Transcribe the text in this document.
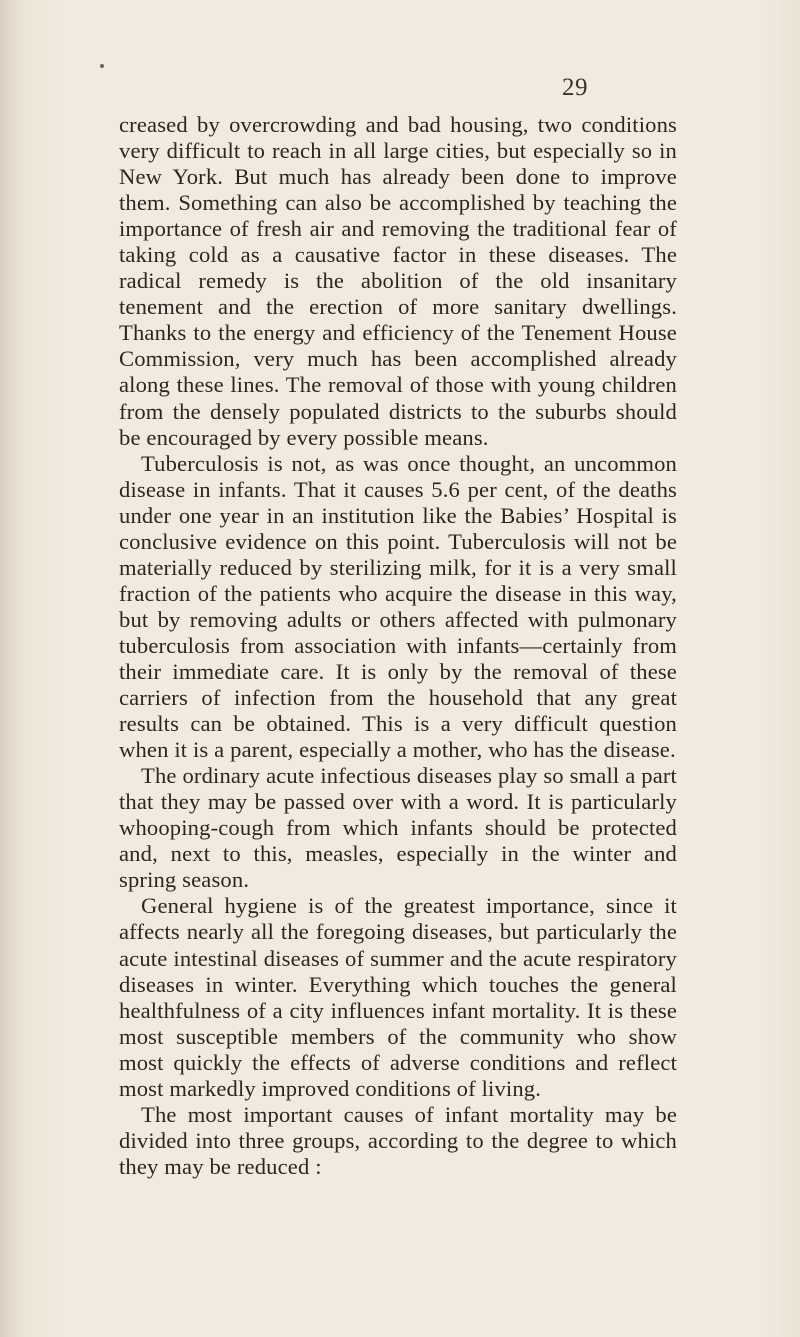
29

creased by overcrowding and bad housing, two conditions very difficult to reach in all large cities, but especially so in New York. But much has already been done to improve them. Something can also be accomplished by teaching the importance of fresh air and removing the traditional fear of taking cold as a causative factor in these diseases. The radical remedy is the abolition of the old insanitary tenement and the erection of more sanitary dwellings. Thanks to the energy and efficiency of the Tenement House Commission, very much has been accomplished already along these lines. The removal of those with young children from the densely populated districts to the suburbs should be encouraged by every possible means.

Tuberculosis is not, as was once thought, an uncommon disease in infants. That it causes 5.6 per cent, of the deaths under one year in an institution like the Babies’ Hospital is conclusive evidence on this point. Tuberculosis will not be materially reduced by sterilizing milk, for it is a very small fraction of the patients who acquire the disease in this way, but by removing adults or others affected with pulmonary tuberculosis from association with infants—certainly from their immediate care. It is only by the removal of these carriers of infection from the household that any great results can be obtained. This is a very difficult question when it is a parent, especially a mother, who has the disease.

The ordinary acute infectious diseases play so small a part that they may be passed over with a word. It is particularly whooping-cough from which infants should be protected and, next to this, measles, especially in the winter and spring season.

General hygiene is of the greatest importance, since it affects nearly all the foregoing diseases, but particularly the acute intestinal diseases of summer and the acute respiratory diseases in winter. Everything which touches the general healthfulness of a city influences infant mortality. It is these most susceptible members of the community who show most quickly the effects of adverse conditions and reflect most markedly improved conditions of living.

The most important causes of infant mortality may be divided into three groups, according to the degree to which they may be reduced :
